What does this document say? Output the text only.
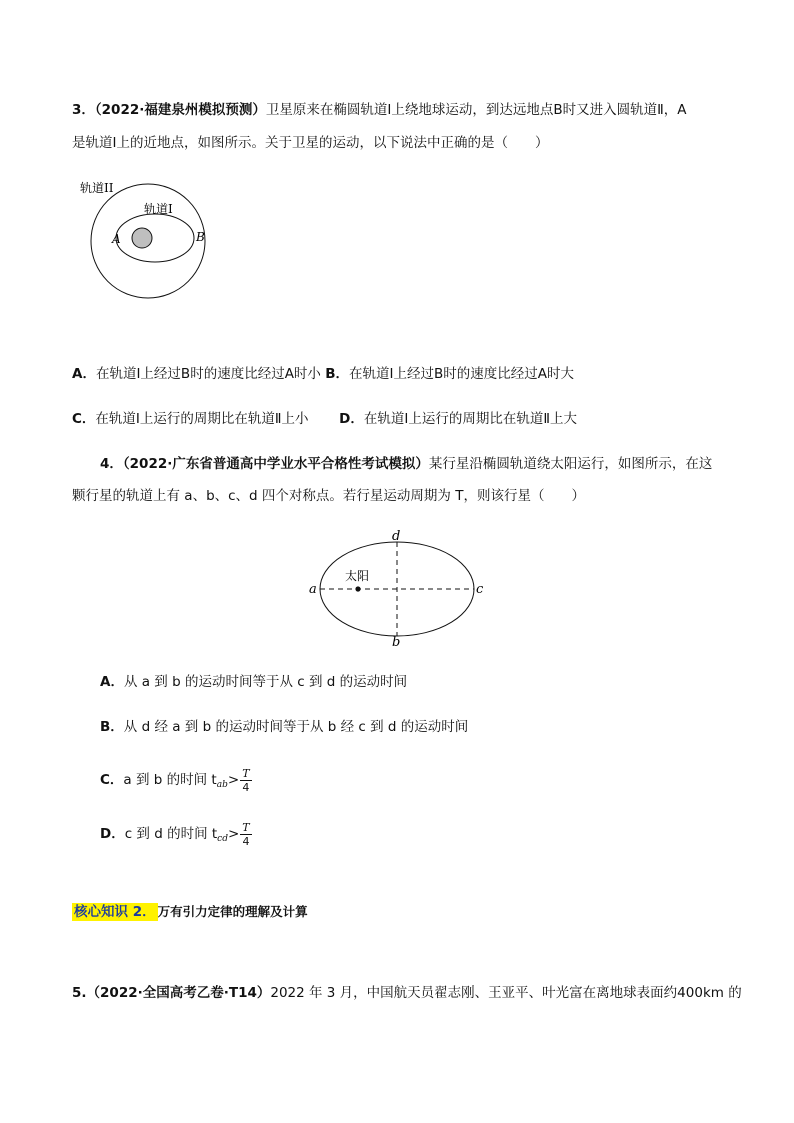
3．（2022·福建泉州模拟预测）卫星原来在椭圆轨道Ⅰ上绕地球运动，到达远地点B时又进入圆轨道Ⅱ，A
是轨道Ⅰ上的近地点，如图所示。关于卫星的运动，以下说法中正确的是（　　）
轨道II
轨道I
A	B
A．在轨道Ⅰ上经过B时的速度比经过A时小 B．在轨道Ⅰ上经过B时的速度比经过A时大
C．在轨道Ⅰ上运行的周期比在轨道Ⅱ上小 D．在轨道I上运行的周期比在轨道Ⅱ上大
4．（2022·广东省普通高中学业水平合格性考试模拟）某行星沿椭圆轨道绕太阳运行，如图所示，在这
颗行星的轨道上有 a、b、c、d 四个对称点。若行星运动周期为 T，则该行星（　　）
太阳
a	c
d
b
A．从 a 到 b 的运动时间等于从 c 到 d 的运动时间
B．从 d 经 a 到 b 的运动时间等于从 b 经 c 到 d 的运动时间
C．a 到 b 的时间 $t_{ab}> \frac{T}{4}$
D．c 到 d 的时间 $t_{cd}> \frac{T}{4}$
核心知识 2． 万有引力定律的理解及计算
5.（2022·全国高考乙卷·T14）2022 年 3 月，中国航天员翟志刚、王亚平、叶光富在离地球表面约400km 的
